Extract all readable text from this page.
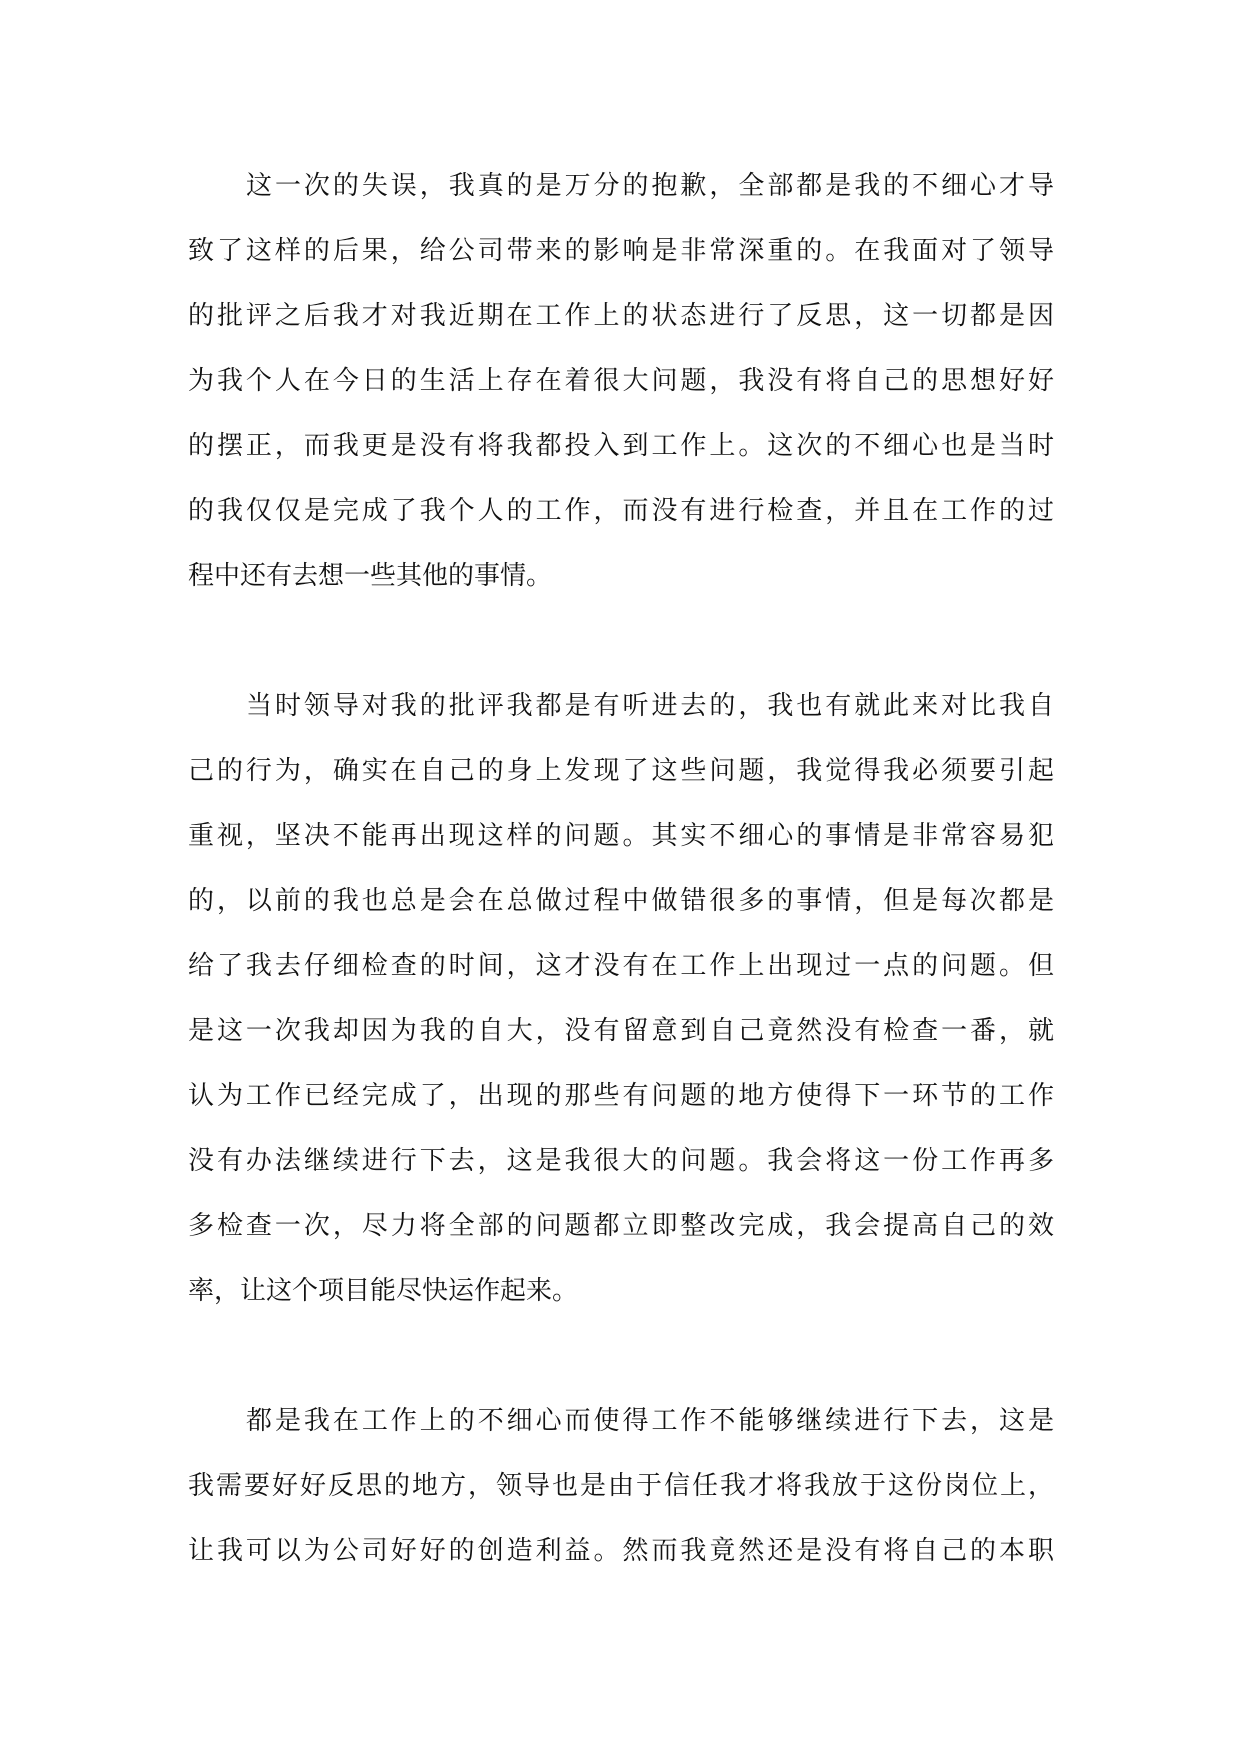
这一次的失误，我真的是万分的抱歉，全部都是我的不细心才导
致了这样的后果，给公司带来的影响是非常深重的。在我面对了领导
的批评之后我才对我近期在工作上的状态进行了反思，这一切都是因
为我个人在今日的生活上存在着很大问题，我没有将自己的思想好好
的摆正，而我更是没有将我都投入到工作上。这次的不细心也是当时
的我仅仅是完成了我个人的工作，而没有进行检查，并且在工作的过
程中还有去想一些其他的事情。
当时领导对我的批评我都是有听进去的，我也有就此来对比我自
己的行为，确实在自己的身上发现了这些问题，我觉得我必须要引起
重视，坚决不能再出现这样的问题。其实不细心的事情是非常容易犯
的，以前的我也总是会在总做过程中做错很多的事情，但是每次都是
给了我去仔细检查的时间，这才没有在工作上出现过一点的问题。但
是这一次我却因为我的自大，没有留意到自己竟然没有检查一番，就
认为工作已经完成了，出现的那些有问题的地方使得下一环节的工作
没有办法继续进行下去，这是我很大的问题。我会将这一份工作再多
多检查一次，尽力将全部的问题都立即整改完成，我会提高自己的效
率，让这个项目能尽快运作起来。
都是我在工作上的不细心而使得工作不能够继续进行下去，这是
我需要好好反思的地方，领导也是由于信任我才将我放于这份岗位上，
让我可以为公司好好的创造利益。然而我竟然还是没有将自己的本职
